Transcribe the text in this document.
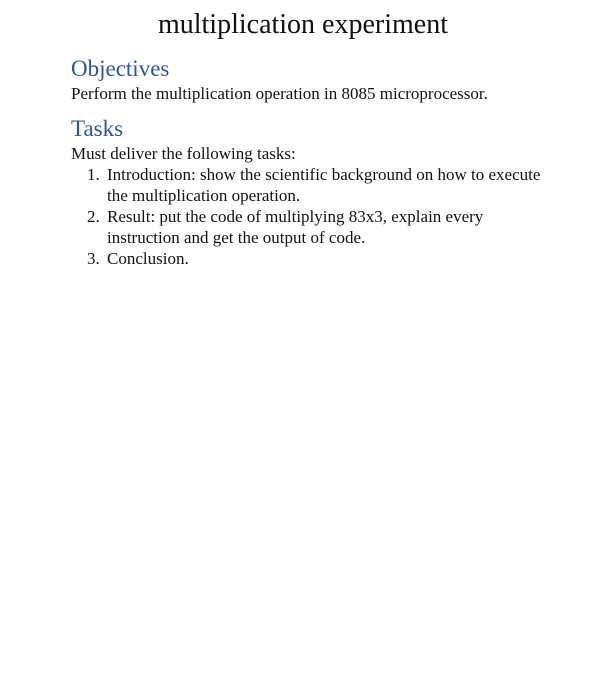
multiplication experiment
Objectives
Perform the multiplication operation in 8085 microprocessor.
Tasks
Must deliver the following tasks:
1. Introduction: show the scientific background on how to execute the multiplication operation.
2. Result: put the code of multiplying 83x3, explain every instruction and get the output of code.
3. Conclusion.
